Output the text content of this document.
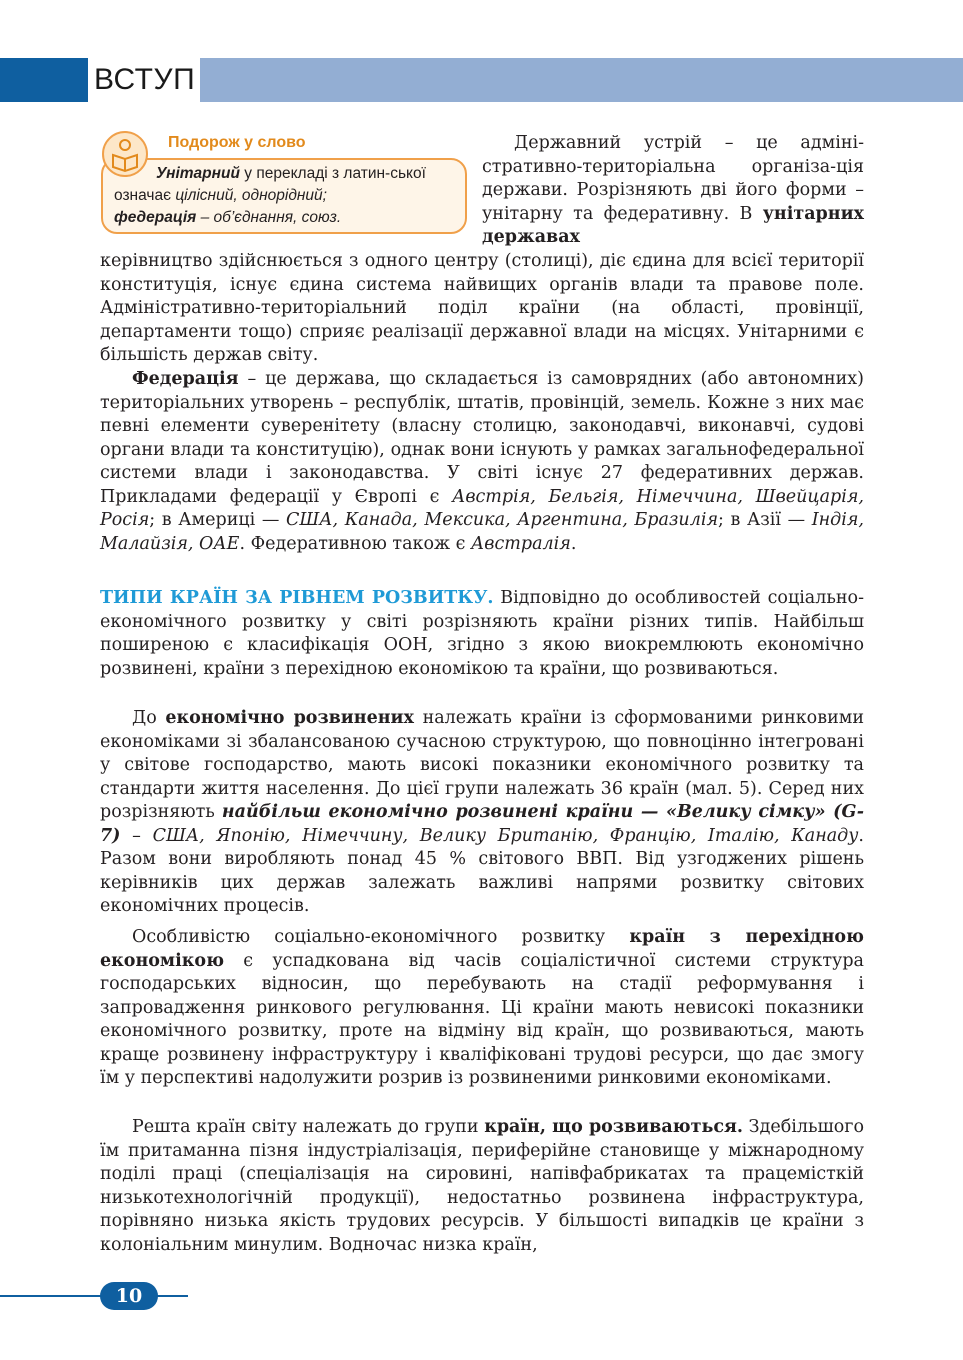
ВСТУП
Подорож у слово
Унітарний у перекладі з латин-ської означає цілісний, однорідний;
федерація – об’єднання, союз.
Державний устрій – це адміні-стративно-територіальна організа-ція держави. Розрізняють дві його форми – унітарну та федеративну. В унітарних державах
керівництво здійснюється з одного центру (столиці), діє єдина для всієї території конституція, існує єдина система найвищих органів влади та правове поле. Адміністративно-територіальний поділ країни (на області, провінції, департаменти тощо) сприяє реалізації державної влади на місцях. Унітарними є більшість держав світу.
Федерація – це держава, що складається із самоврядних (або автономних) територіальних утворень – республік, штатів, провінцій, земель. Кожне з них має певні елементи суверенітету (власну столицю, законодавчі, виконавчі, судові органи влади та конституцію), однак вони існують у рамках загальнофедеральної системи влади і законодавства. У світі існує 27 федеративних держав. Прикладами федерації у Європі є Австрія, Бельгія, Німеччина, Швейцарія, Росія; в Америці — США, Канада, Мексика, Аргентина, Бразилія; в Азії — Індія, Малайзія, ОАЕ. Федеративною також є Австралія.
ТИПИ КРАЇН ЗА РІВНЕМ РОЗВИТКУ. Відповідно до особливостей соціально-економічного розвитку у світі розрізняють країни різних типів. Найбільш поширеною є класифікація ООН, згідно з якою виокремлюють економічно розвинені, країни з перехідною економікою та країни, що розвиваються.
До економічно розвинених належать країни із сформованими ринковими економіками зі збалансованою сучасною структурою, що повноцінно інтегровані у світове господарство, мають високі показники економічного розвитку та стандарти життя населення. До цієї групи належать 36 країн (мал. 5). Серед них розрізняють найбільш економічно розвинені країни — «Велику сімку» (G-7) – США, Японію, Німеччину, Велику Британію, Францію, Італію, Канаду. Разом вони виробляють понад 45 % світового ВВП. Від узгоджених рішень керівників цих держав залежать важливі напрями розвитку світових економічних процесів.
Особливістю соціально-економічного розвитку країн з перехідною економікою є успадкована від часів соціалістичної системи структура господарських відносин, що перебувають на стадії реформування і запровадження ринкового регулювання. Ці країни мають невисокі показники економічного розвитку, проте на відміну від країн, що розвиваються, мають краще розвинену інфраструктуру і кваліфіковані трудові ресурси, що дає змогу їм у перспективі надолужити розрив із розвиненими ринковими економіками.
Решта країн світу належать до групи країн, що розвиваються. Здебільшого їм притаманна пізня індустріалізація, периферійне становище у міжнародному поділі праці (спеціалізація на сировині, напівфабрикатах та працемісткій низькотехнологічній продукції), недостатньо розвинена інфраструктура, порівняно низька якість трудових ресурсів. У більшості випадків це країни з колоніальним минулим. Водночас низка країн,
10
